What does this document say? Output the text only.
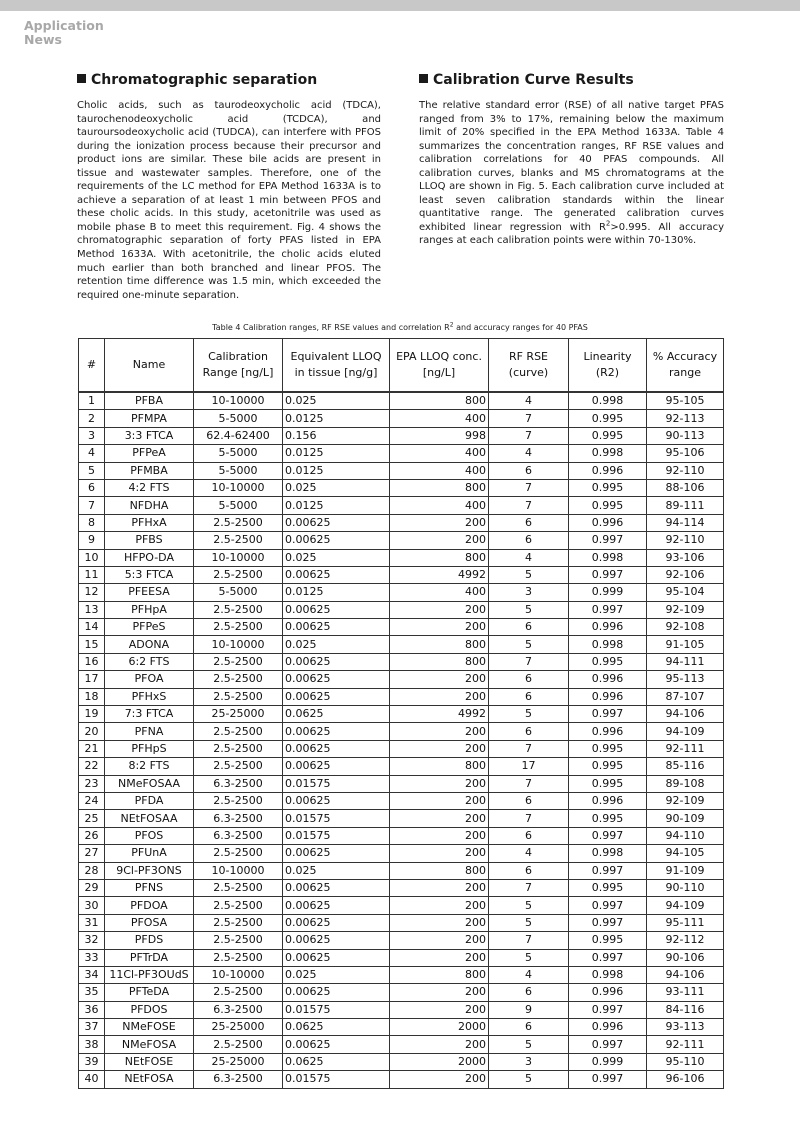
Application
News
Chromatographic separation
Cholic acids, such as taurodeoxycholic acid (TDCA), taurochenodeoxycholic acid (TCDCA), and tauroursodeoxycholic acid (TUDCA), can interfere with PFOS during the ionization process because their precursor and product ions are similar. These bile acids are present in tissue and wastewater samples. Therefore, one of the requirements of the LC method for EPA Method 1633A is to achieve a separation of at least 1 min between PFOS and these cholic acids. In this study, acetonitrile was used as mobile phase B to meet this requirement. Fig. 4 shows the chromatographic separation of forty PFAS listed in EPA Method 1633A. With acetonitrile, the cholic acids eluted much earlier than both branched and linear PFOS. The retention time difference was 1.5 min, which exceeded the required one-minute separation.
Calibration Curve Results
The relative standard error (RSE) of all native target PFAS ranged from 3% to 17%, remaining below the maximum limit of 20% specified in the EPA Method 1633A. Table 4 summarizes the concentration ranges, RF RSE values and calibration correlations for 40 PFAS compounds. All calibration curves, blanks and MS chromatograms at the LLOQ are shown in Fig. 5. Each calibration curve included at least seven calibration standards within the linear quantitative range. The generated calibration curves exhibited linear regression with $R^2>0.995$. All accuracy ranges at each calibration points were within 70-130%.
Table 4 Calibration ranges, RF RSE values and correlation $R^2$ and accuracy ranges for 40 PFAS
#	Name	Calibration Range [ng/L]	Equivalent LLOQ in tissue [ng/g]	EPA LLOQ conc. [ng/L]	RF RSE (curve)	Linearity (R2)	% Accuracy range
1	PFBA	10-10000	0.025	800	4	0.998	95-105
2	PFMPA	5-5000	0.0125	400	7	0.995	92-113
3	3:3 FTCA	62.4-62400	0.156	998	7	0.995	90-113
4	PFPeA	5-5000	0.0125	400	4	0.998	95-106
5	PFMBA	5-5000	0.0125	400	6	0.996	92-110
6	4:2 FTS	10-10000	0.025	800	7	0.995	88-106
7	NFDHA	5-5000	0.0125	400	7	0.995	89-111
8	PFHxA	2.5-2500	0.00625	200	6	0.996	94-114
9	PFBS	2.5-2500	0.00625	200	6	0.997	92-110
10	HFPO-DA	10-10000	0.025	800	4	0.998	93-106
11	5:3 FTCA	2.5-2500	0.00625	4992	5	0.997	92-106
12	PFEESA	5-5000	0.0125	400	3	0.999	95-104
13	PFHpA	2.5-2500	0.00625	200	5	0.997	92-109
14	PFPeS	2.5-2500	0.00625	200	6	0.996	92-108
15	ADONA	10-10000	0.025	800	5	0.998	91-105
16	6:2 FTS	2.5-2500	0.00625	800	7	0.995	94-111
17	PFOA	2.5-2500	0.00625	200	6	0.996	95-113
18	PFHxS	2.5-2500	0.00625	200	6	0.996	87-107
19	7:3 FTCA	25-25000	0.0625	4992	5	0.997	94-106
20	PFNA	2.5-2500	0.00625	200	6	0.996	94-109
21	PFHpS	2.5-2500	0.00625	200	7	0.995	92-111
22	8:2 FTS	2.5-2500	0.00625	800	17	0.995	85-116
23	NMeFOSAA	6.3-2500	0.01575	200	7	0.995	89-108
24	PFDA	2.5-2500	0.00625	200	6	0.996	92-109
25	NEtFOSAA	6.3-2500	0.01575	200	7	0.995	90-109
26	PFOS	6.3-2500	0.01575	200	6	0.997	94-110
27	PFUnA	2.5-2500	0.00625	200	4	0.998	94-105
28	9Cl-PF3ONS	10-10000	0.025	800	6	0.997	91-109
29	PFNS	2.5-2500	0.00625	200	7	0.995	90-110
30	PFDOA	2.5-2500	0.00625	200	5	0.997	94-109
31	PFOSA	2.5-2500	0.00625	200	5	0.997	95-111
32	PFDS	2.5-2500	0.00625	200	7	0.995	92-112
33	PFTrDA	2.5-2500	0.00625	200	5	0.997	90-106
34	11Cl-PF3OUdS	10-10000	0.025	800	4	0.998	94-106
35	PFTeDA	2.5-2500	0.00625	200	6	0.996	93-111
36	PFDOS	6.3-2500	0.01575	200	9	0.997	84-116
37	NMeFOSE	25-25000	0.0625	2000	6	0.996	93-113
38	NMeFOSA	2.5-2500	0.00625	200	5	0.997	92-111
39	NEtFOSE	25-25000	0.0625	2000	3	0.999	95-110
40	NEtFOSA	6.3-2500	0.01575	200	5	0.997	96-106
